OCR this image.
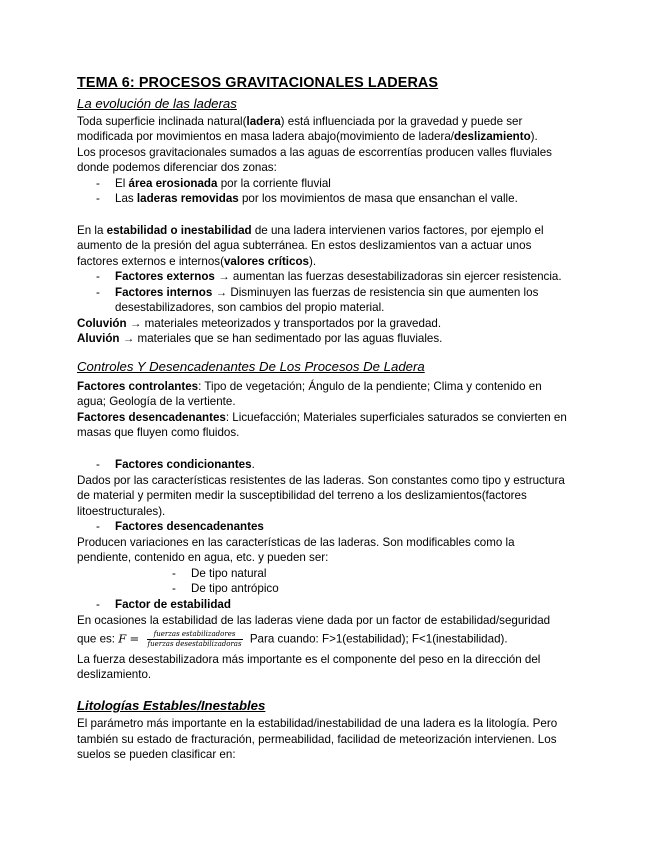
TEMA 6: PROCESOS GRAVITACIONALES LADERAS
La evolución de las laderas
Toda superficie inclinada natural(ladera) está influenciada por la gravedad y puede ser
modificada por movimientos en masa ladera abajo(movimiento de ladera/deslizamiento).
Los procesos gravitacionales sumados a las aguas de escorrentías producen valles fluviales
donde podemos diferenciar dos zonas:
- El área erosionada por la corriente fluvial
- Las laderas removidas por los movimientos de masa que ensanchan el valle.
En la estabilidad o inestabilidad de una ladera intervienen varios factores, por ejemplo el
aumento de la presión del agua subterránea. En estos deslizamientos van a actuar unos
factores externos e internos(valores críticos).
- Factores externos → aumentan las fuerzas desestabilizadoras sin ejercer resistencia.
- Factores internos → Disminuyen las fuerzas de resistencia sin que aumenten los
desestabilizadores, son cambios del propio material.
Coluvión → materiales meteorizados y transportados por la gravedad.
Aluvión → materiales que se han sedimentado por las aguas fluviales.
Controles Y Desencadenantes De Los Procesos De Ladera
Factores controlantes: Tipo de vegetación; Ángulo de la pendiente; Clima y contenido en
agua; Geología de la vertiente.
Factores desencadenantes: Licuefacción; Materiales superficiales saturados se convierten en
masas que fluyen como fluidos.
- Factores condicionantes.
Dados por las características resistentes de las laderas. Son constantes como tipo y estructura
de material y permiten medir la susceptibilidad del terreno a los deslizamientos(factores
litoestructurales).
- Factores desencadenantes
Producen variaciones en las características de las laderas. Son modificables como la
pendiente, contenido en agua, etc. y pueden ser:
- De tipo natural
- De tipo antrópico
- Factor de estabilidad
En ocasiones la estabilidad de las laderas viene dada por un factor de estabilidad/seguridad
que es: $F = \frac{\text{fuerzas estabilizadores}}{\text{fuerzas desestabilizadoras}}$ Para cuando: F>1(estabilidad); F<1(inestabilidad).
La fuerza desestabilizadora más importante es el componente del peso en la dirección del
deslizamiento.
Litologías Estables/Inestables
El parámetro más importante en la estabilidad/inestabilidad de una ladera es la litología. Pero
también su estado de fracturación, permeabilidad, facilidad de meteorización intervienen. Los
suelos se pueden clasificar en:
